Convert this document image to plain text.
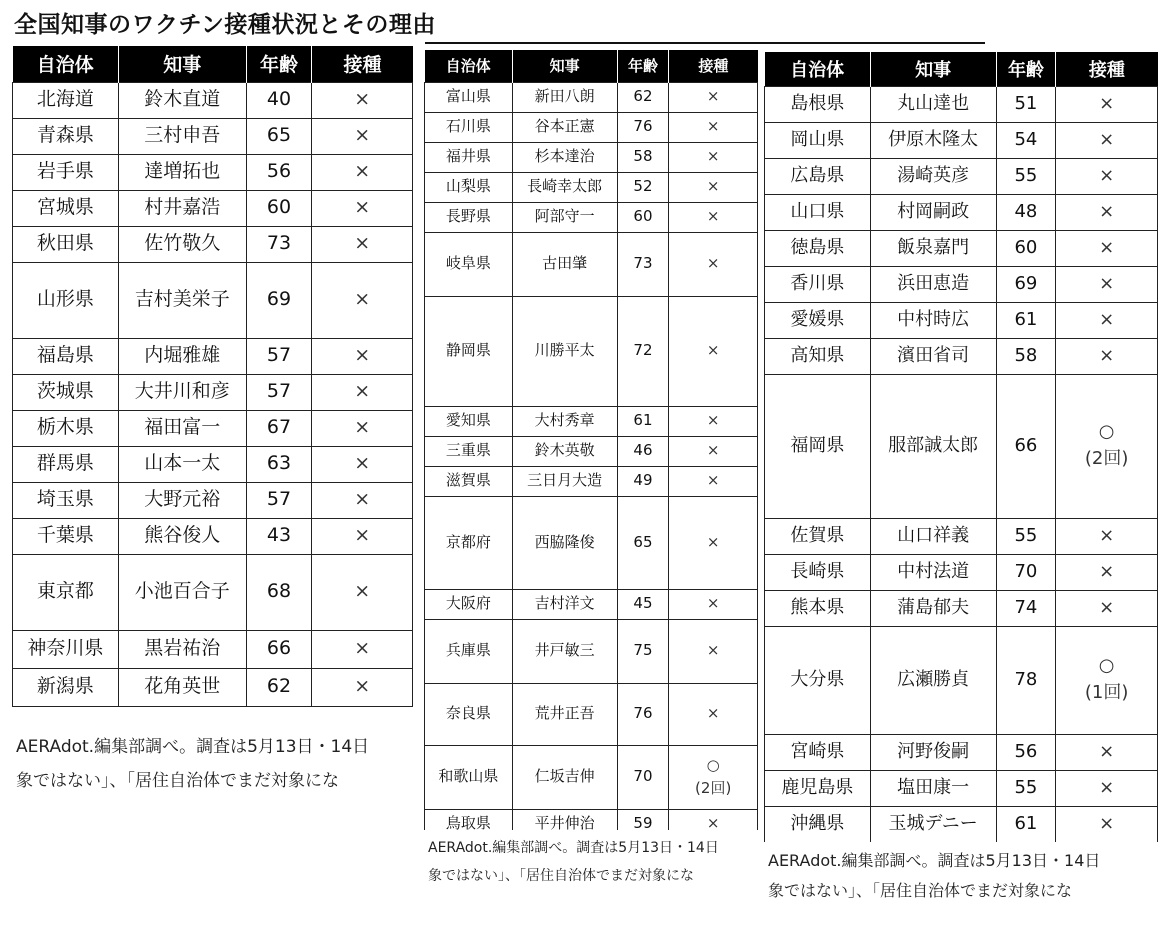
全国知事のワクチン接種状況とその理由
自治体	知事	年齢	接種
北海道	鈴木直道	40	×
青森県	三村申吾	65	×
岩手県	達増拓也	56	×
宮城県	村井嘉浩	60	×
秋田県	佐竹敬久	73	×
山形県	吉村美栄子	69	×
福島県	内堀雅雄	57	×
茨城県	大井川和彦	57	×
栃木県	福田富一	67	×
群馬県	山本一太	63	×
埼玉県	大野元裕	57	×
千葉県	熊谷俊人	43	×
東京都	小池百合子	68	×
神奈川県	黒岩祐治	66	×
新潟県	花角英世	62	×
自治体	知事	年齢	接種
富山県	新田八朗	62	×
石川県	谷本正憲	76	×
福井県	杉本達治	58	×
山梨県	長崎幸太郎	52	×
長野県	阿部守一	60	×
岐阜県	古田肇	73	×
静岡県	川勝平太	72	×
愛知県	大村秀章	61	×
三重県	鈴木英敬	46	×
滋賀県	三日月大造	49	×
京都府	西脇隆俊	65	×
大阪府	吉村洋文	45	×
兵庫県	井戸敏三	75	×
奈良県	荒井正吾	76	×
和歌山県	仁坂吉伸	70	○
(2回)

鳥取県	平井伸治	59	×
自治体	知事	年齢	接種
島根県	丸山達也	51	×
岡山県	伊原木隆太	54	×
広島県	湯崎英彦	55	×
山口県	村岡嗣政	48	×
徳島県	飯泉嘉門	60	×
香川県	浜田恵造	69	×
愛媛県	中村時広	61	×
高知県	濱田省司	58	×
福岡県	服部誠太郎	66	○
(2回)

佐賀県	山口祥義	55	×
長崎県	中村法道	70	×
熊本県	蒲島郁夫	74	×
大分県	広瀬勝貞	78	○
(1回)

宮崎県	河野俊嗣	56	×
鹿児島県	塩田康一	55	×
沖縄県	玉城デニー	61	×
AERAdot.編集部調べ。調査は5月13日・14日
象ではない」、「居住自治体でまだ対象にな
AERAdot.編集部調べ。調査は5月13日・14日
象ではない」、「居住自治体でまだ対象にな
AERAdot.編集部調べ。調査は5月13日・14日
象ではない」、「居住自治体でまだ対象にな
